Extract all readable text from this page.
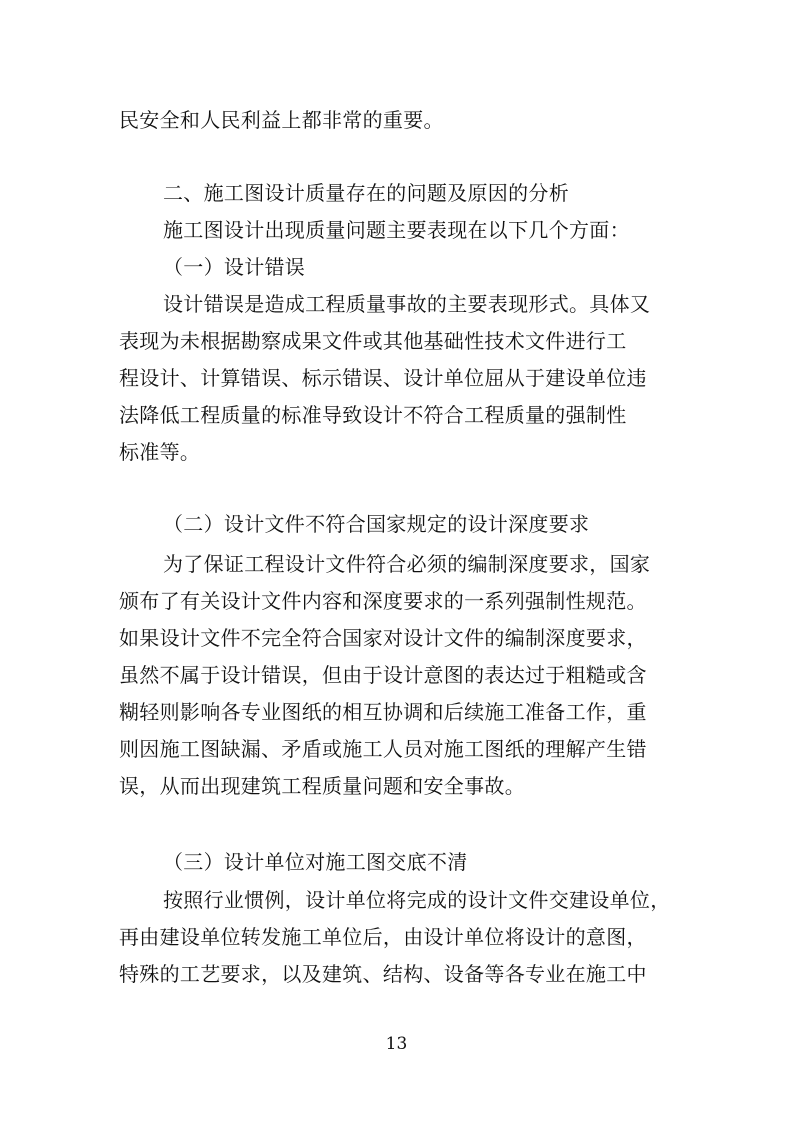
民安全和人民利益上都非常的重要。
二、施工图设计质量存在的问题及原因的分析
施工图设计出现质量问题主要表现在以下几个方面：
（一）设计错误
设计错误是造成工程质量事故的主要表现形式。具体又
表现为未根据勘察成果文件或其他基础性技术文件进行工
程设计、计算错误、标示错误、设计单位屈从于建设单位违
法降低工程质量的标准导致设计不符合工程质量的强制性
标准等。
（二）设计文件不符合国家规定的设计深度要求
为了保证工程设计文件符合必须的编制深度要求，国家
颁布了有关设计文件内容和深度要求的一系列强制性规范。
如果设计文件不完全符合国家对设计文件的编制深度要求，
虽然不属于设计错误，但由于设计意图的表达过于粗糙或含
糊轻则影响各专业图纸的相互协调和后续施工准备工作，重
则因施工图缺漏、矛盾或施工人员对施工图纸的理解产生错
误，从而出现建筑工程质量问题和安全事故。
（三）设计单位对施工图交底不清
按照行业惯例，设计单位将完成的设计文件交建设单位，
再由建设单位转发施工单位后，由设计单位将设计的意图，
特殊的工艺要求，以及建筑、结构、设备等各专业在施工中
13
